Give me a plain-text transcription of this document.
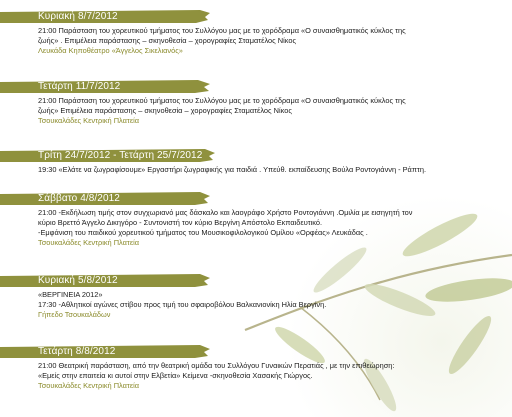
Κυριακή 8/7/2012
21:00 Παράσταση του χορευτικού τμήματος του Συλλόγου μας με το χορόδραμα «Ο συναισθηματικός κύκλος της
ζωής» . Επιμέλεια παράστασης – σκηνοθεσία – χορογραφίες Σταματέλος Νίκος
Λευκάδα Κηποθέατρο «Άγγελος Σικελιανός»
Τετάρτη 11/7/2012
21:00 Παράσταση του χορευτικού τμήματος του Συλλόγου μας με το χορόδραμα «Ο συναισθηματικός κύκλος της
ζωής» Επιμέλεια παράστασης – σκηνοθεσία – χορογραφίες Σταματέλος Νίκος
Τσουκαλάδες Κεντρική Πλατεία
Τρίτη 24/7/2012 - Τετάρτη 25/7/2012
19:30 «Ελάτε να ζωγραφίσουμε» Εργαστήρι ζωγραφικής για παιδιά . Υπεύθ. εκπαίδευσης Βούλα Ροντογιάννη - Ράπτη.
Σάββατο 4/8/2012
21:00 -Εκδήλωση τιμής στον συγχωριανό μας δάσκαλο και λαογράφο Χρήστο Ροντογιάννη .Ομιλία με εισηγητή τον
κύριο Βρεττό Άγγελο Δικηγόρο - Συντονιστή τον κύριο Βεργίνη Απόστολο Εκπαιδευτικό.
-Εμφάνιση του παιδικού χορευτικού τμήματος του Μουσικοφιλολογικού Ομίλου «Ορφέας» Λευκάδας .
Τσουκαλάδες Κεντρική Πλατεία
Κυριακή 5/8/2012
«ΒΕΡΓΙΝΕΙΑ 2012»
17:30 -Αθλητικοί αγώνες στίβου προς τιμή του σφαιροβόλου Βαλκανιονίκη Ηλία Βεργίνη.
Γήπεδο Τσουκαλάδων
Τετάρτη 8/8/2012
21:00 Θεατρική παράσταση, από την θεατρική ομάδα του Συλλόγου Γυναικών Περατιάς , με την επιθεώρηση:
«Εμείς στην επαιτεία κι αυτοί στην Ελβετία» Κείμενα -σκηνοθεσία Χασακής Γιώργος.
Τσουκαλάδες Κεντρική Πλατεία
